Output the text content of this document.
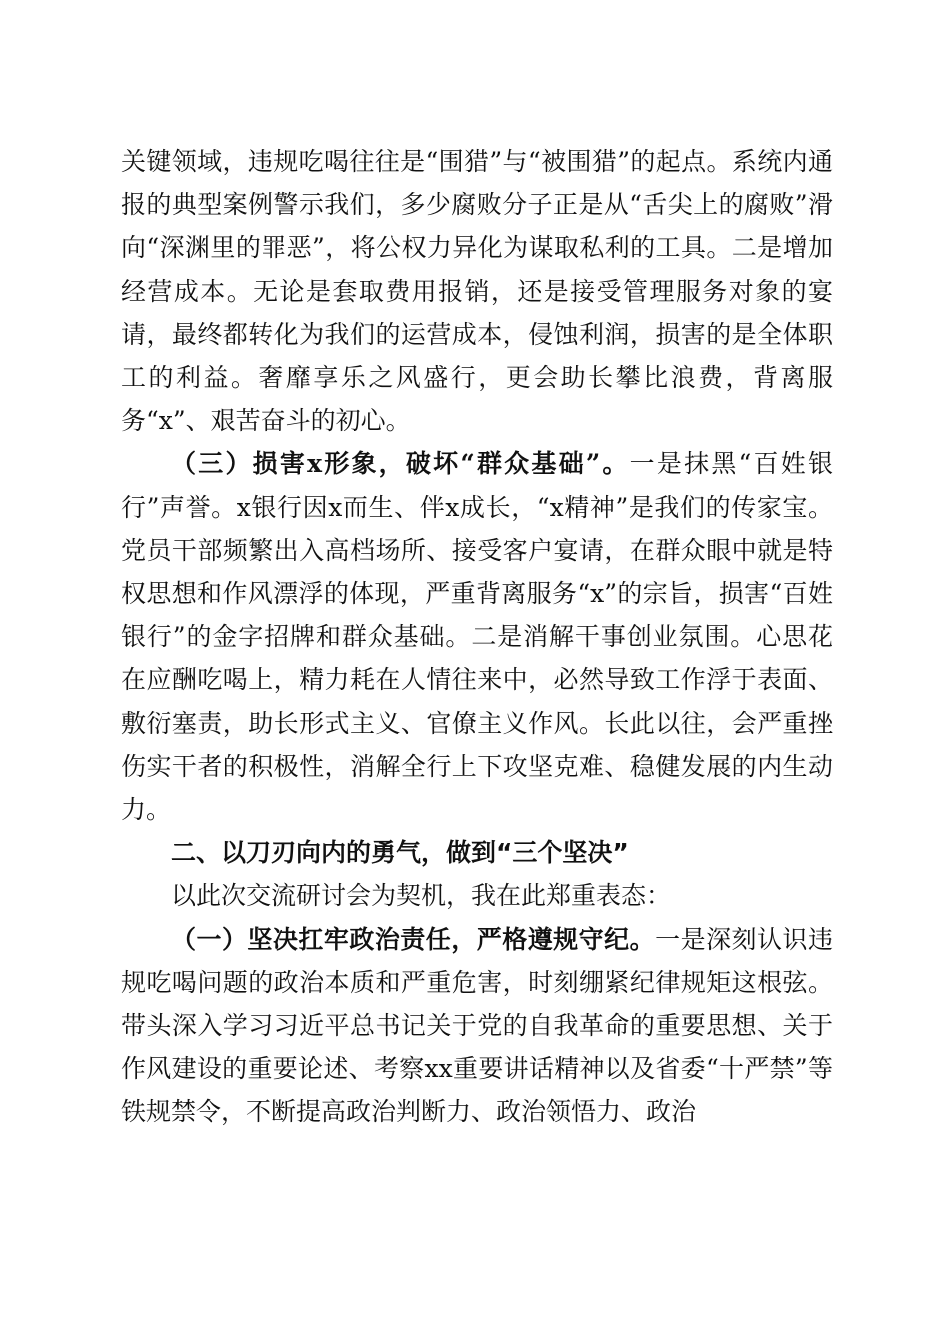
关键领域，违规吃喝往往是“围猎”与“被围猎”的起点。系统内通报的典型案例警示我们，多少腐败分子正是从“舌尖上的腐败”滑向“深渊里的罪恶”，将公权力异化为谋取私利的工具。二是增加经营成本。无论是套取费用报销，还是接受管理服务对象的宴请，最终都转化为我们的运营成本，侵蚀利润，损害的是全体职工的利益。奢靡享乐之风盛行，更会助长攀比浪费，背离服务“x”、艰苦奋斗的初心。

（三）损害x形象，破坏“群众基础”。一是抹黑“百姓银行”声誉。x银行因x而生、伴x成长，“x精神”是我们的传家宝。党员干部频繁出入高档场所、接受客户宴请，在群众眼中就是特权思想和作风漂浮的体现，严重背离服务“x”的宗旨，损害“百姓银行”的金字招牌和群众基础。二是消解干事创业氛围。心思花在应酬吃喝上，精力耗在人情往来中，必然导致工作浮于表面、敷衍塞责，助长形式主义、官僚主义作风。长此以往，会严重挫伤实干者的积极性，消解全行上下攻坚克难、稳健发展的内生动力。

二、以刀刃向内的勇气，做到“三个坚决”

以此次交流研讨会为契机，我在此郑重表态：

（一）坚决扛牢政治责任，严格遵规守纪。一是深刻认识违规吃喝问题的政治本质和严重危害，时刻绷紧纪律规矩这根弦。带头深入学习习近平总书记关于党的自我革命的重要思想、关于作风建设的重要论述、考察xx重要讲话精神以及省委“十严禁”等铁规禁令，不断提高政治判断力、政治领悟力、政治
